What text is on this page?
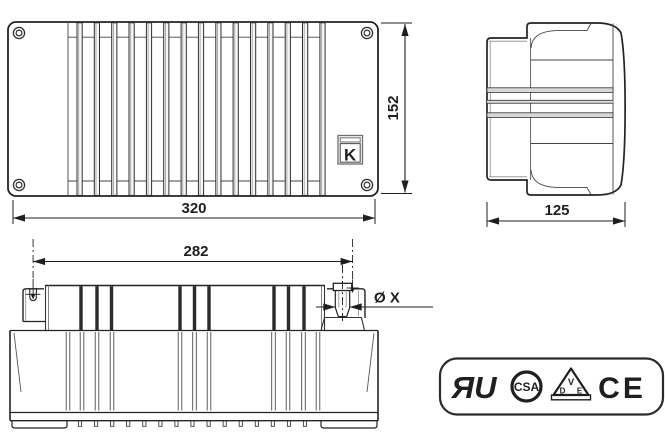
K
320
152
125
282
Ø X
ЯU CSA	V
D E CE
